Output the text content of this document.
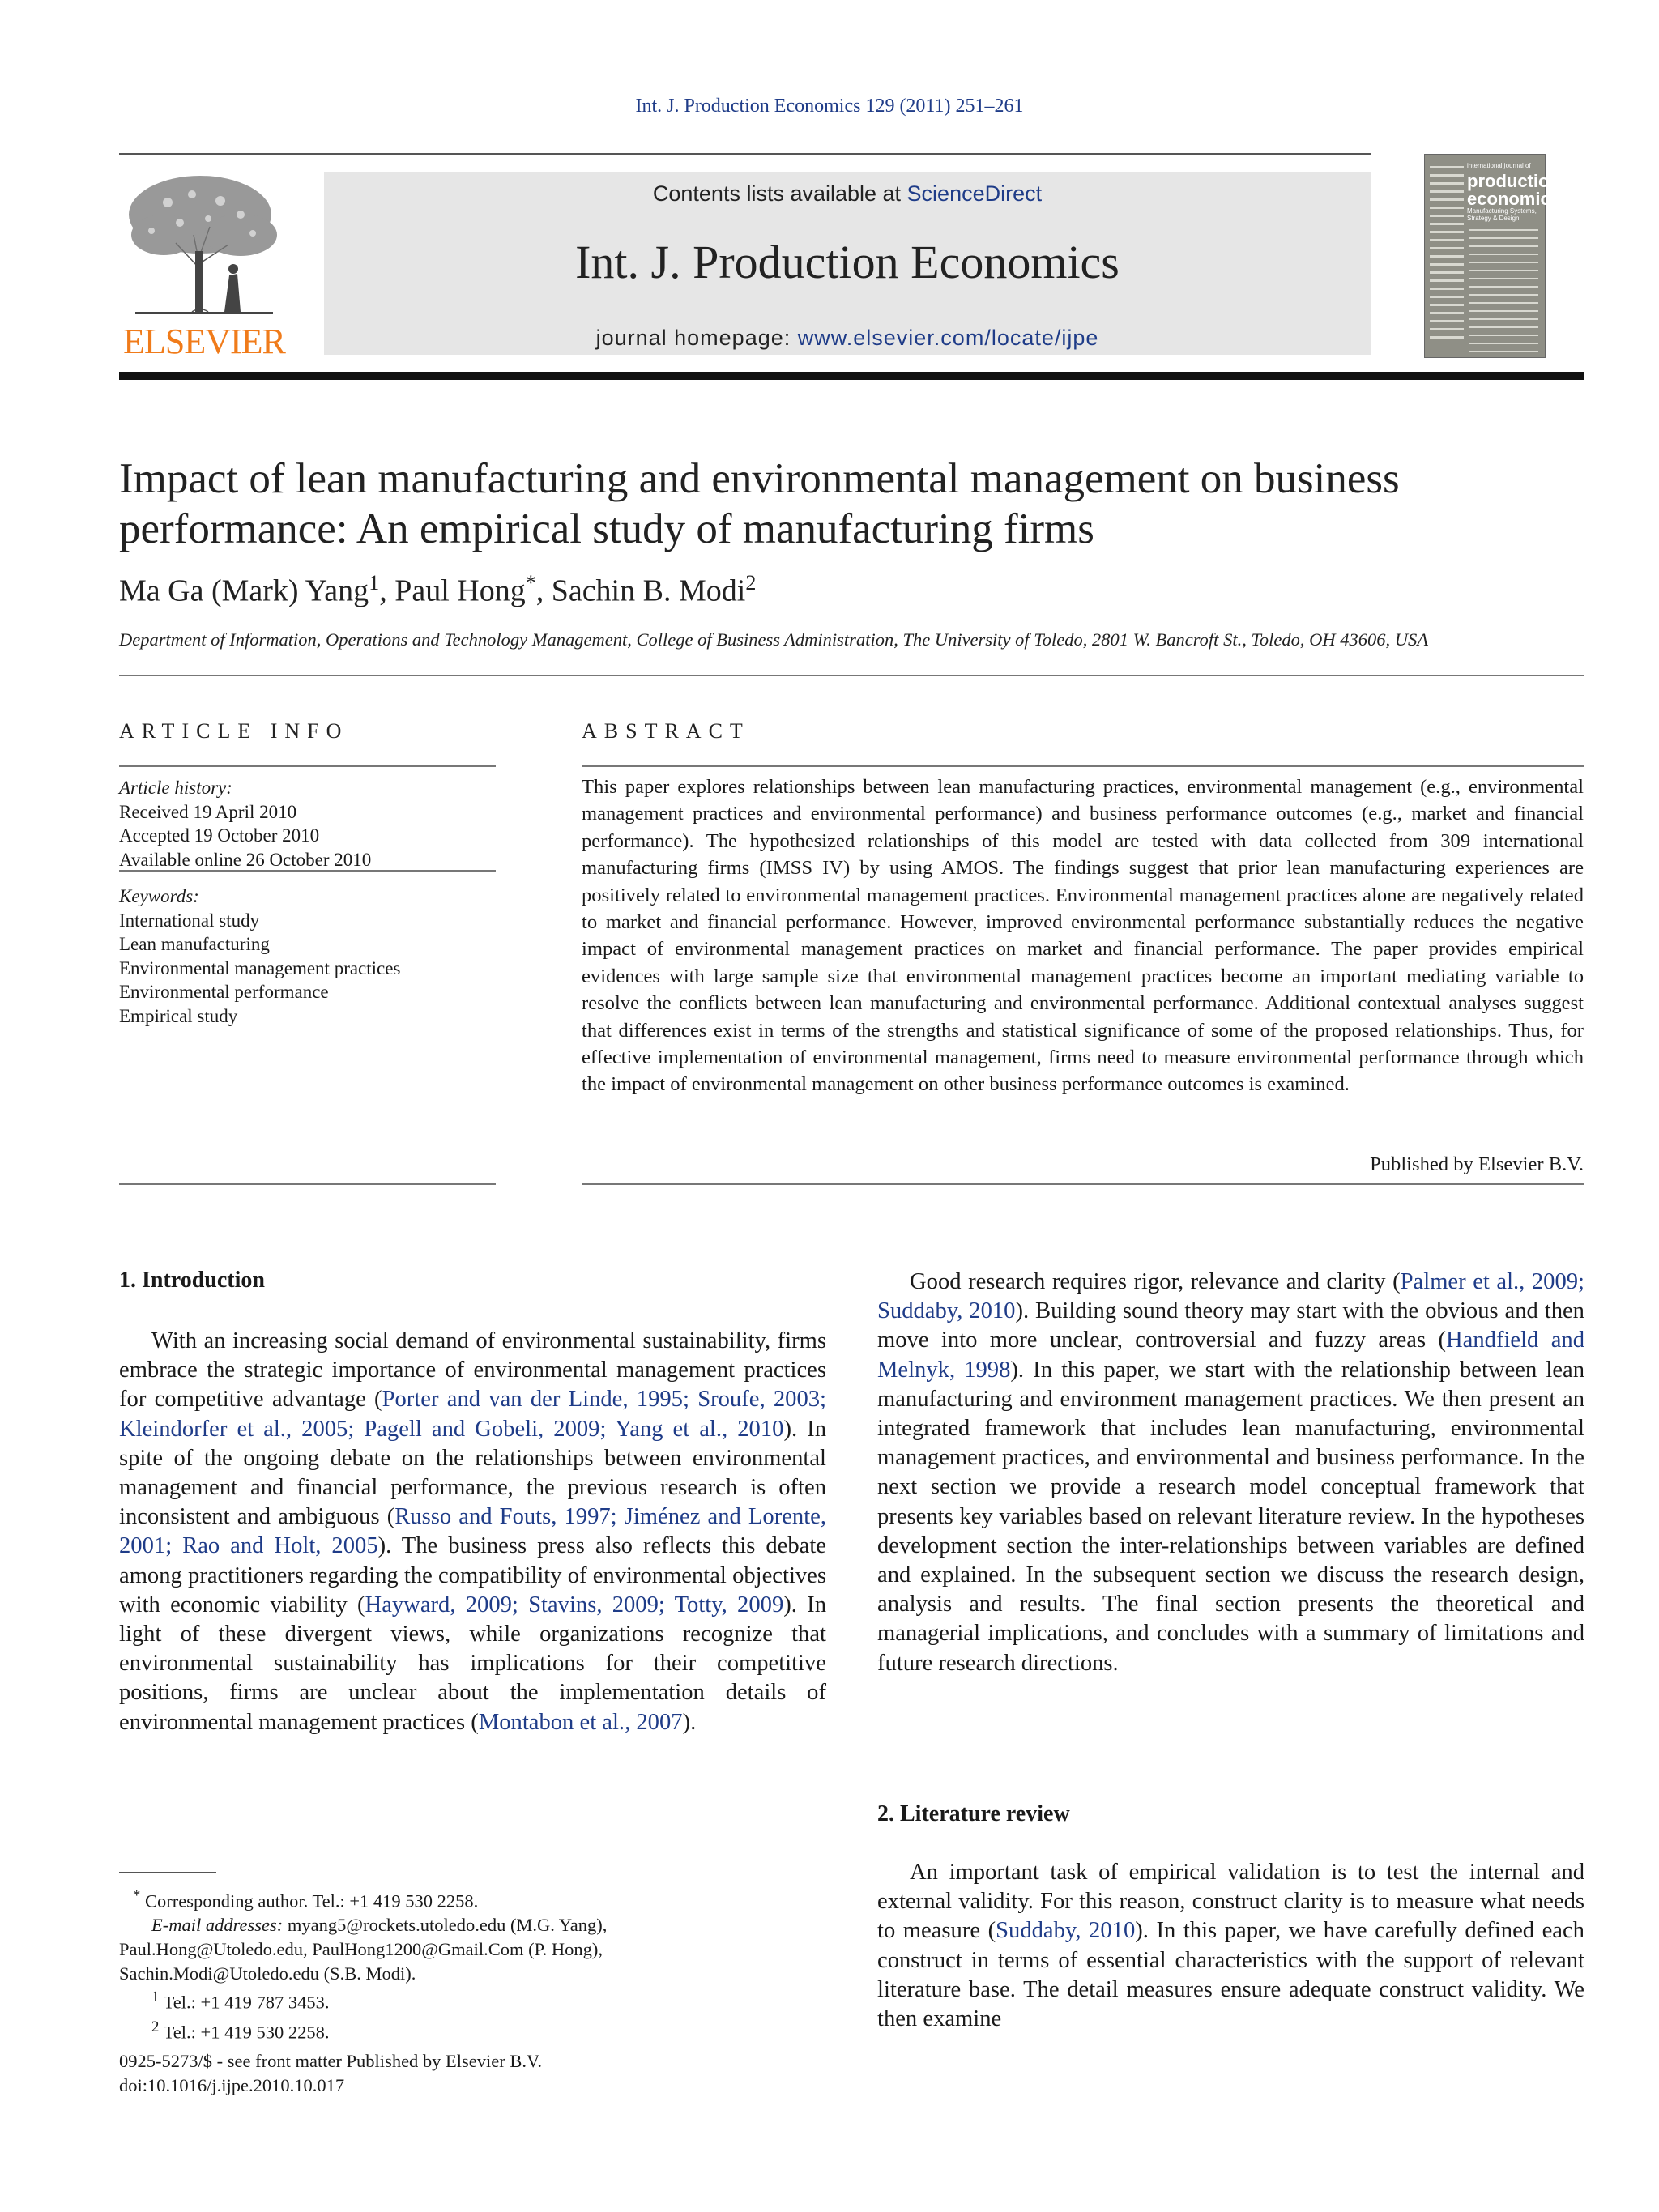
Int. J. Production Economics 129 (2011) 251–261
ELSEVIER
Contents lists available at ScienceDirect
Int. J. Production Economics
journal homepage: www.elsevier.com/locate/ijpe
international journal of
production economics
Manufacturing Systems, Strategy & Design
Impact of lean manufacturing and environmental management on business performance: An empirical study of manufacturing firms
Ma Ga (Mark) Yang$^1$, Paul Hong*, Sachin B. Modi$^2$
Department of Information, Operations and Technology Management, College of Business Administration, The University of Toledo, 2801 W. Bancroft St., Toledo, OH 43606, USA
ARTICLE INFO	ABSTRACT
Article history:
Received 19 April 2010
Accepted 19 October 2010
Available online 26 October 2010
Keywords:
International study
Lean manufacturing
Environmental management practices
Environmental performance
Empirical study
This paper explores relationships between lean manufacturing practices, environmental management (e.g., environmental management practices and environmental performance) and business performance outcomes (e.g., market and financial performance). The hypothesized relationships of this model are tested with data collected from 309 international manufacturing firms (IMSS IV) by using AMOS. The findings suggest that prior lean manufacturing experiences are positively related to environmental management practices. Environmental management practices alone are negatively related to market and financial performance. However, improved environmental performance substantially reduces the negative impact of environmental management practices on market and financial performance. The paper provides empirical evidences with large sample size that environmental management practices become an important mediating variable to resolve the conflicts between lean manufacturing and environmental performance. Additional contextual analyses suggest that differences exist in terms of the strengths and statistical significance of some of the proposed relationships. Thus, for effective implementation of environmental management, firms need to measure environmental performance through which the impact of environmental management on other business performance outcomes is examined.
Published by Elsevier B.V.
1. Introduction
With an increasing social demand of environmental sustainability, firms embrace the strategic importance of environmental management practices for competitive advantage (Porter and van der Linde, 1995; Sroufe, 2003; Kleindorfer et al., 2005; Pagell and Gobeli, 2009; Yang et al., 2010). In spite of the ongoing debate on the relationships between environmental management and financial performance, the previous research is often inconsistent and ambiguous (Russo and Fouts, 1997; Jiménez and Lorente, 2001; Rao and Holt, 2005). The business press also reflects this debate among practitioners regarding the compatibility of environmental objectives with economic viability (Hayward, 2009; Stavins, 2009; Totty, 2009). In light of these divergent views, while organizations recognize that environmental sustainability has implications for their competitive positions, firms are unclear about the implementation details of environmental management practices (Montabon et al., 2007).
Good research requires rigor, relevance and clarity (Palmer et al., 2009; Suddaby, 2010). Building sound theory may start with the obvious and then move into more unclear, controversial and fuzzy areas (Handfield and Melnyk, 1998). In this paper, we start with the relationship between lean manufacturing and environment management practices. We then present an integrated framework that includes lean manufacturing, environmental management practices, and environmental and business performance. In the next section we provide a research model conceptual framework that presents key variables based on relevant literature review. In the hypotheses development section the inter-relationships between variables are defined and explained. In the subsequent section we discuss the research design, analysis and results. The final section presents the theoretical and managerial implications, and concludes with a summary of limitations and future research directions.
2. Literature review
An important task of empirical validation is to test the internal and external validity. For this reason, construct clarity is to measure what needs to measure (Suddaby, 2010). In this paper, we have carefully defined each construct in terms of essential characteristics with the support of relevant literature base. The detail measures ensure adequate construct validity. We then examine
* Corresponding author. Tel.: +1 419 530 2258.
E-mail addresses: myang5@rockets.utoledo.edu (M.G. Yang),
Paul.Hong@Utoledo.edu, PaulHong1200@Gmail.Com (P. Hong),
Sachin.Modi@Utoledo.edu (S.B. Modi).
$^1$ Tel.: +1 419 787 3453.
$^2$ Tel.: +1 419 530 2258.
0925-5273/$ - see front matter Published by Elsevier B.V.
doi:10.1016/j.ijpe.2010.10.017
